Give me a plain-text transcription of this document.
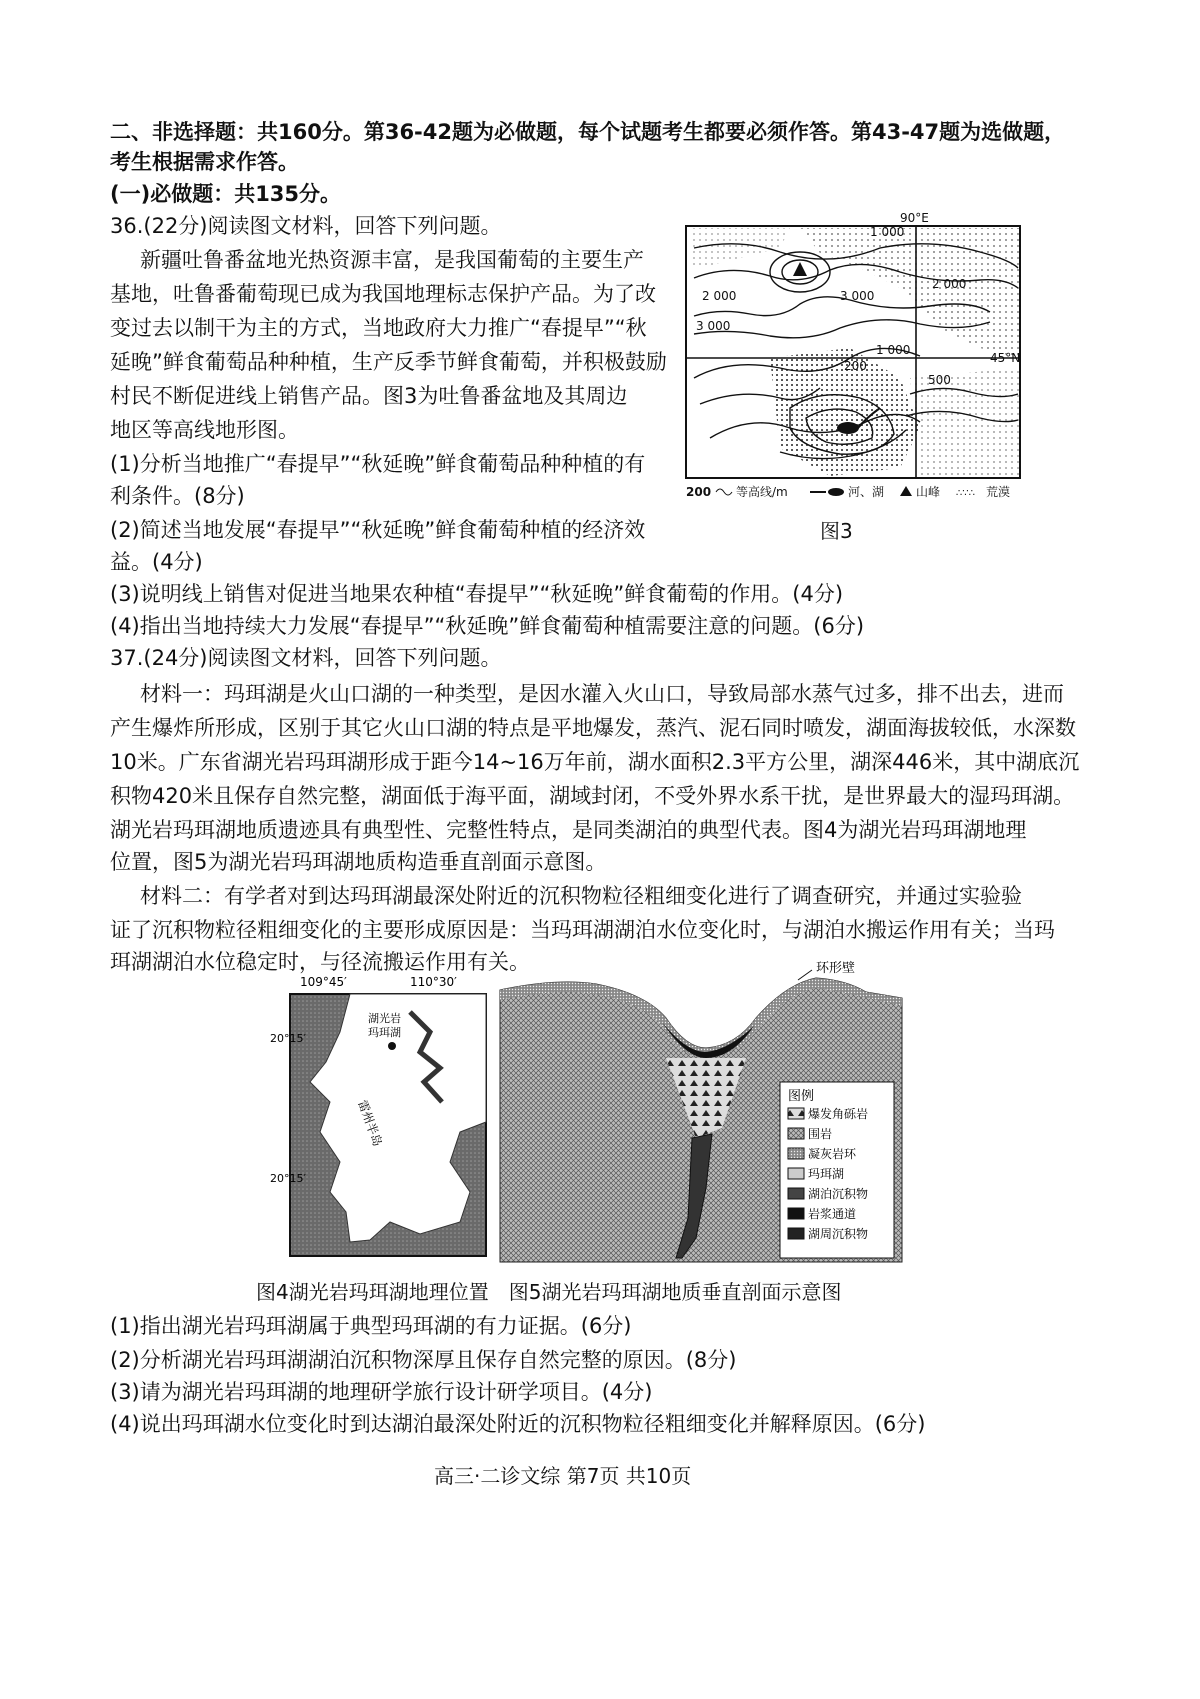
二、非选择题：共160分。第36-42题为必做题，每个试题考生都要必须作答。第43-47题为选做题，
考生根据需求作答。
(一)必做题：共135分。
36.(22分)阅读图文材料，回答下列问题。
新疆吐鲁番盆地光热资源丰富，是我国葡萄的主要生产
基地，吐鲁番葡萄现已成为我国地理标志保护产品。为了改
变过去以制干为主的方式，当地政府大力推广“春提早”“秋
延晚”鲜食葡萄品种种植，生产反季节鲜食葡萄，并积极鼓励
村民不断促进线上销售产品。图3为吐鲁番盆地及其周边
地区等高线地形图。
(1)分析当地推广“春提早”“秋延晚”鲜食葡萄品种种植的有
利条件。(8分)
(2)简述当地发展“春提早”“秋延晚”鲜食葡萄种植的经济效
益。(4分)
(3)说明线上销售对促进当地果农种植“春提早”“秋延晚”鲜食葡萄的作用。(4分)
(4)指出当地持续大力发展“春提早”“秋延晚”鲜食葡萄种植需要注意的问题。(6分)
90°E
45°N
1 000
2 000	3 000
2 000
3 000
1 000
200
500
200 等高线/m	河、湖	山峰 ∴∵∴ 荒漠
图3
37.(24分)阅读图文材料，回答下列问题。
材料一：玛珥湖是火山口湖的一种类型，是因水灌入火山口，导致局部水蒸气过多，排不出去，进而
产生爆炸所形成，区别于其它火山口湖的特点是平地爆发，蒸汽、泥石同时喷发，湖面海拔较低，水深数
10米。广东省湖光岩玛珥湖形成于距今14~16万年前，湖水面积2.3平方公里，湖深446米，其中湖底沉
积物420米且保存自然完整，湖面低于海平面，湖域封闭，不受外界水系干扰，是世界最大的湿玛珥湖。
湖光岩玛珥湖地质遗迹具有典型性、完整性特点，是同类湖泊的典型代表。图4为湖光岩玛珥湖地理
位置，图5为湖光岩玛珥湖地质构造垂直剖面示意图。
材料二：有学者对到达玛珥湖最深处附近的沉积物粒径粗细变化进行了调查研究，并通过实验验
证了沉积物粒径粗细变化的主要形成原因是：当玛珥湖湖泊水位变化时，与湖泊水搬运作用有关；当玛
珥湖湖泊水位稳定时，与径流搬运作用有关。
109°45′	110°30′
湖光岩
玛珥湖
雷州半岛
20°15′
20°15′
环形壁
图例
爆发角砾岩
围岩
凝灰岩环
玛珥湖
湖泊沉积物
岩浆通道
湖周沉积物
图4湖光岩玛珥湖地理位置　图5湖光岩玛珥湖地质垂直剖面示意图
(1)指出湖光岩玛珥湖属于典型玛珥湖的有力证据。(6分)
(2)分析湖光岩玛珥湖湖泊沉积物深厚且保存自然完整的原因。(8分)
(3)请为湖光岩玛珥湖的地理研学旅行设计研学项目。(4分)
(4)说出玛珥湖水位变化时到达湖泊最深处附近的沉积物粒径粗细变化并解释原因。(6分)
高三·二诊文综 第7页 共10页
